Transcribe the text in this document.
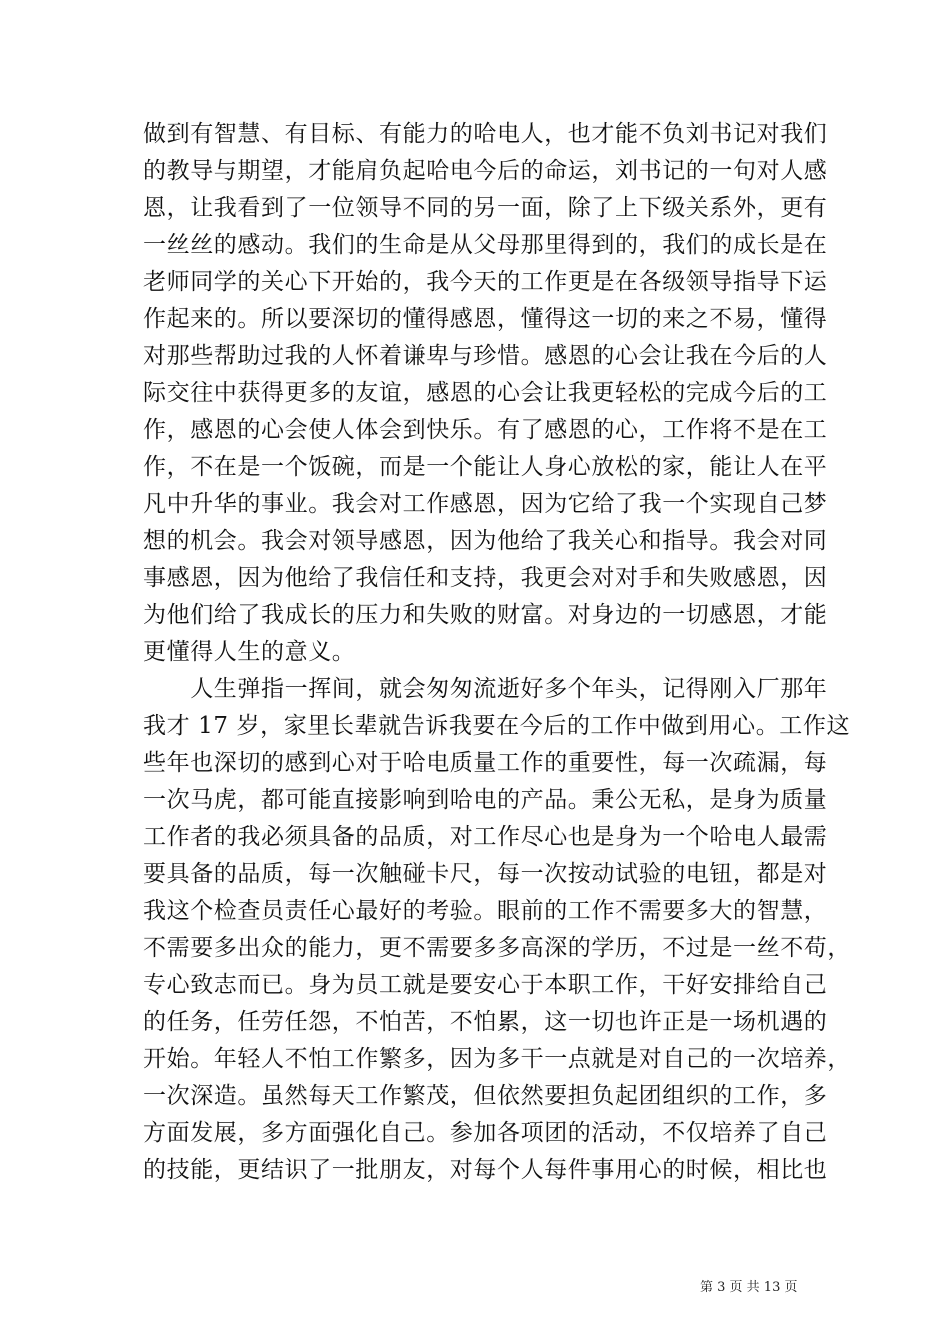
做到有智慧、有目标、有能力的哈电人，也才能不负刘书记对我们
的教导与期望，才能肩负起哈电今后的命运，刘书记的一句对人感
恩，让我看到了一位领导不同的另一面，除了上下级关系外，更有
一丝丝的感动。我们的生命是从父母那里得到的，我们的成长是在
老师同学的关心下开始的，我今天的工作更是在各级领导指导下运
作起来的。所以要深切的懂得感恩，懂得这一切的来之不易，懂得
对那些帮助过我的人怀着谦卑与珍惜。感恩的心会让我在今后的人
际交往中获得更多的友谊，感恩的心会让我更轻松的完成今后的工
作，感恩的心会使人体会到快乐。有了感恩的心，工作将不是在工
作，不在是一个饭碗，而是一个能让人身心放松的家，能让人在平
凡中升华的事业。我会对工作感恩，因为它给了我一个实现自己梦
想的机会。我会对领导感恩，因为他给了我关心和指导。我会对同
事感恩，因为他给了我信任和支持，我更会对对手和失败感恩，因
为他们给了我成长的压力和失败的财富。对身边的一切感恩，才能
更懂得人生的意义。
　　人生弹指一挥间，就会匆匆流逝好多个年头，记得刚入厂那年
我才 17 岁，家里长辈就告诉我要在今后的工作中做到用心。工作这
些年也深切的感到心对于哈电质量工作的重要性，每一次疏漏，每
一次马虎，都可能直接影响到哈电的产品。秉公无私，是身为质量
工作者的我必须具备的品质，对工作尽心也是身为一个哈电人最需
要具备的品质，每一次触碰卡尺，每一次按动试验的电钮，都是对
我这个检查员责任心最好的考验。眼前的工作不需要多大的智慧，
不需要多出众的能力，更不需要多多高深的学历，不过是一丝不苟，
专心致志而已。身为员工就是要安心于本职工作，干好安排给自己
的任务，任劳任怨，不怕苦，不怕累，这一切也许正是一场机遇的
开始。年轻人不怕工作繁多，因为多干一点就是对自己的一次培养，
一次深造。虽然每天工作繁茂，但依然要担负起团组织的工作，多
方面发展，多方面强化自己。参加各项团的活动，不仅培养了自己
的技能，更结识了一批朋友，对每个人每件事用心的时候，相比也
第 3 页 共 13 页
